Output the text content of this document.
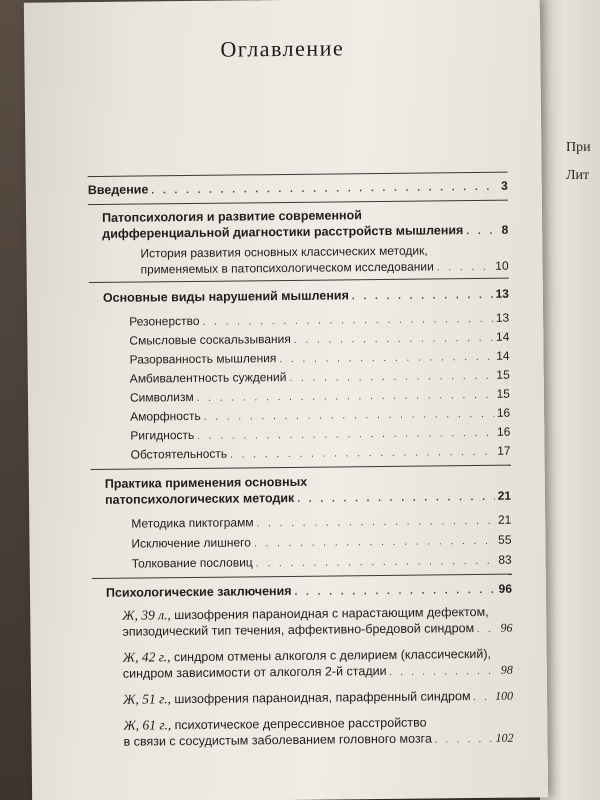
При
Лит
Оглавление
Введение . . .	3
Патопсихология и развитие современной
дифференциальной диагностики расстройств мышления . . .	8
История развития основных классических методик,
применяемых в патопсихологическом исследовании . . .	10
Основные виды нарушений мышления . . .	13
Резонерство . . .	13
Смысловые соскальзывания . . .	14
Разорванность мышления . . .	14
Амбивалентность суждений . . .	15
Символизм . . .	15
Аморфность . . .	16
Ригидность . . .	16
Обстоятельность . . .	17
Практика применения основных
патопсихологических методик . . .	21
Методика пиктограмм . . .	21
Исключение лишнего . . .	55
Толкование пословиц . . .	83
Психологические заключения . . .	96
Ж, 39 л., шизофрения параноидная с нарастающим дефектом,
эпизодический тип течения, аффективно-бредовой синдром . . . 96
Ж, 42 г., синдром отмены алкоголя с делирием (классический),
синдром зависимости от алкоголя 2-й стадии . . .	98
Ж, 51 г., шизофрения параноидная, парафренный синдром . . . 100
Ж, 61 г., психотическое депрессивное расстройство
в связи с сосудистым заболеванием головного мозга . . .	102
